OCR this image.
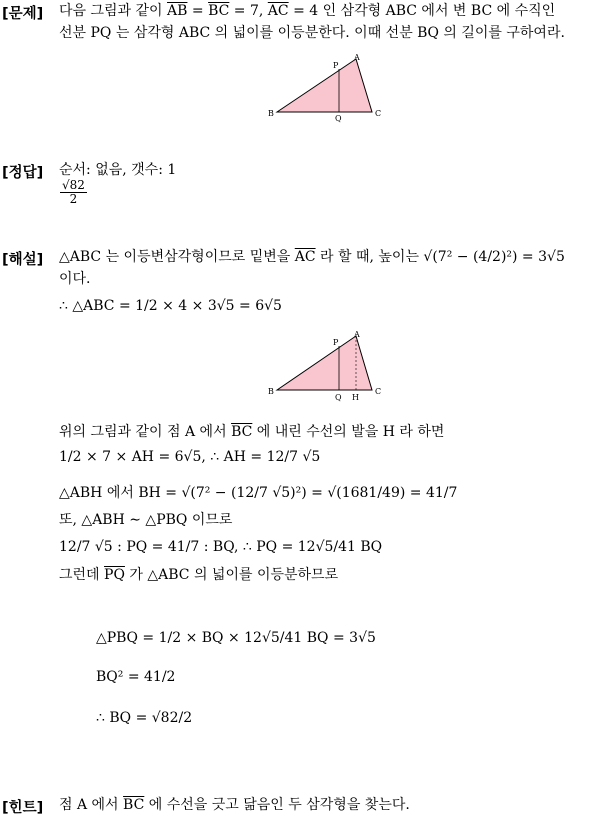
[문제] 다음 그림과 같이 $\overline{AB} = \overline{BC} = 7$, $\overline{AC} = 4$ 인 삼각형 ABC 에서 변 BC 에 수직인
선분 PQ 는 삼각형 ABC 의 넓이를 이등분한다. 이때 선분 BQ 의 길이를 구하여라.
B	C
A
P
Q
[정답] 순서: 없음, 갯수: 1
$\frac{√82}{2}$
[해설] △ABC 는 이등변삼각형이므로 밑변을 $\overline{AC}$ 라 할 때, 높이는 √(7² − (4/2)²) = 3√5
이다.
∴ △ABC = 1/2 × 4 × 3√5 = 6√5
B	C
A
P
Q H
위의 그림과 같이 점 A 에서 $\overline{BC}$ 에 내린 수선의 발을 H 라 하면
1/2 × 7 × AH = 6√5, ∴ AH = 12/7 √5
△ABH 에서 BH = √(7² − (12/7 √5)²) = √(1681/49) = 41/7
또, △ABH ∼ △PBQ 이므로
12/7 √5 : PQ = 41/7 : BQ, ∴ PQ = 12√5/41 BQ
그런데 $\overline{PQ}$ 가 △ABC 의 넓이를 이등분하므로
△PBQ = 1/2 × BQ × 12√5/41 BQ = 3√5
BQ² = 41/2
∴ BQ = √82/2
[힌트] 점 A 에서 $\overline{BC}$ 에 수선을 긋고 닮음인 두 삼각형을 찾는다.
